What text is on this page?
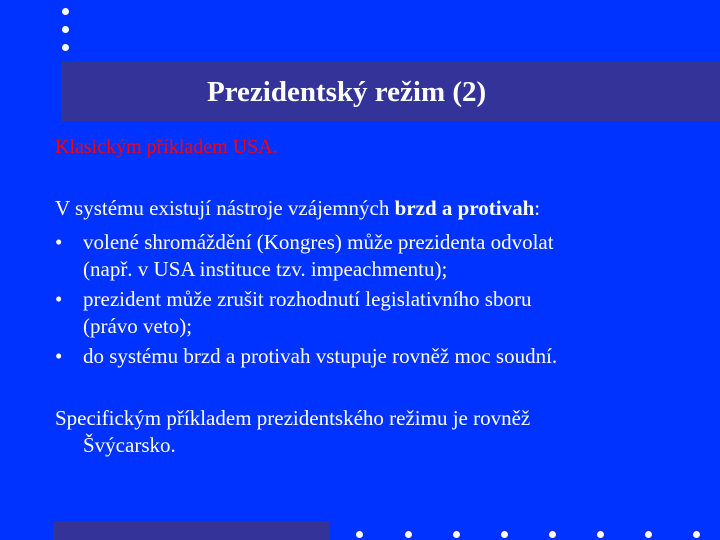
Prezidentský režim (2)
Klasickým příkladem USA.
V systému existují nástroje vzájemných brzd a protivah:
• volené shromáždění (Kongres) může prezidenta odvolat
(např. v USA instituce tzv. impeachmentu);
• prezident může zrušit rozhodnutí legislativního sboru
(právo veto);
• do systému brzd a protivah vstupuje rovněž moc soudní.
Specifickým příkladem prezidentského režimu je rovněž
Švýcarsko.
